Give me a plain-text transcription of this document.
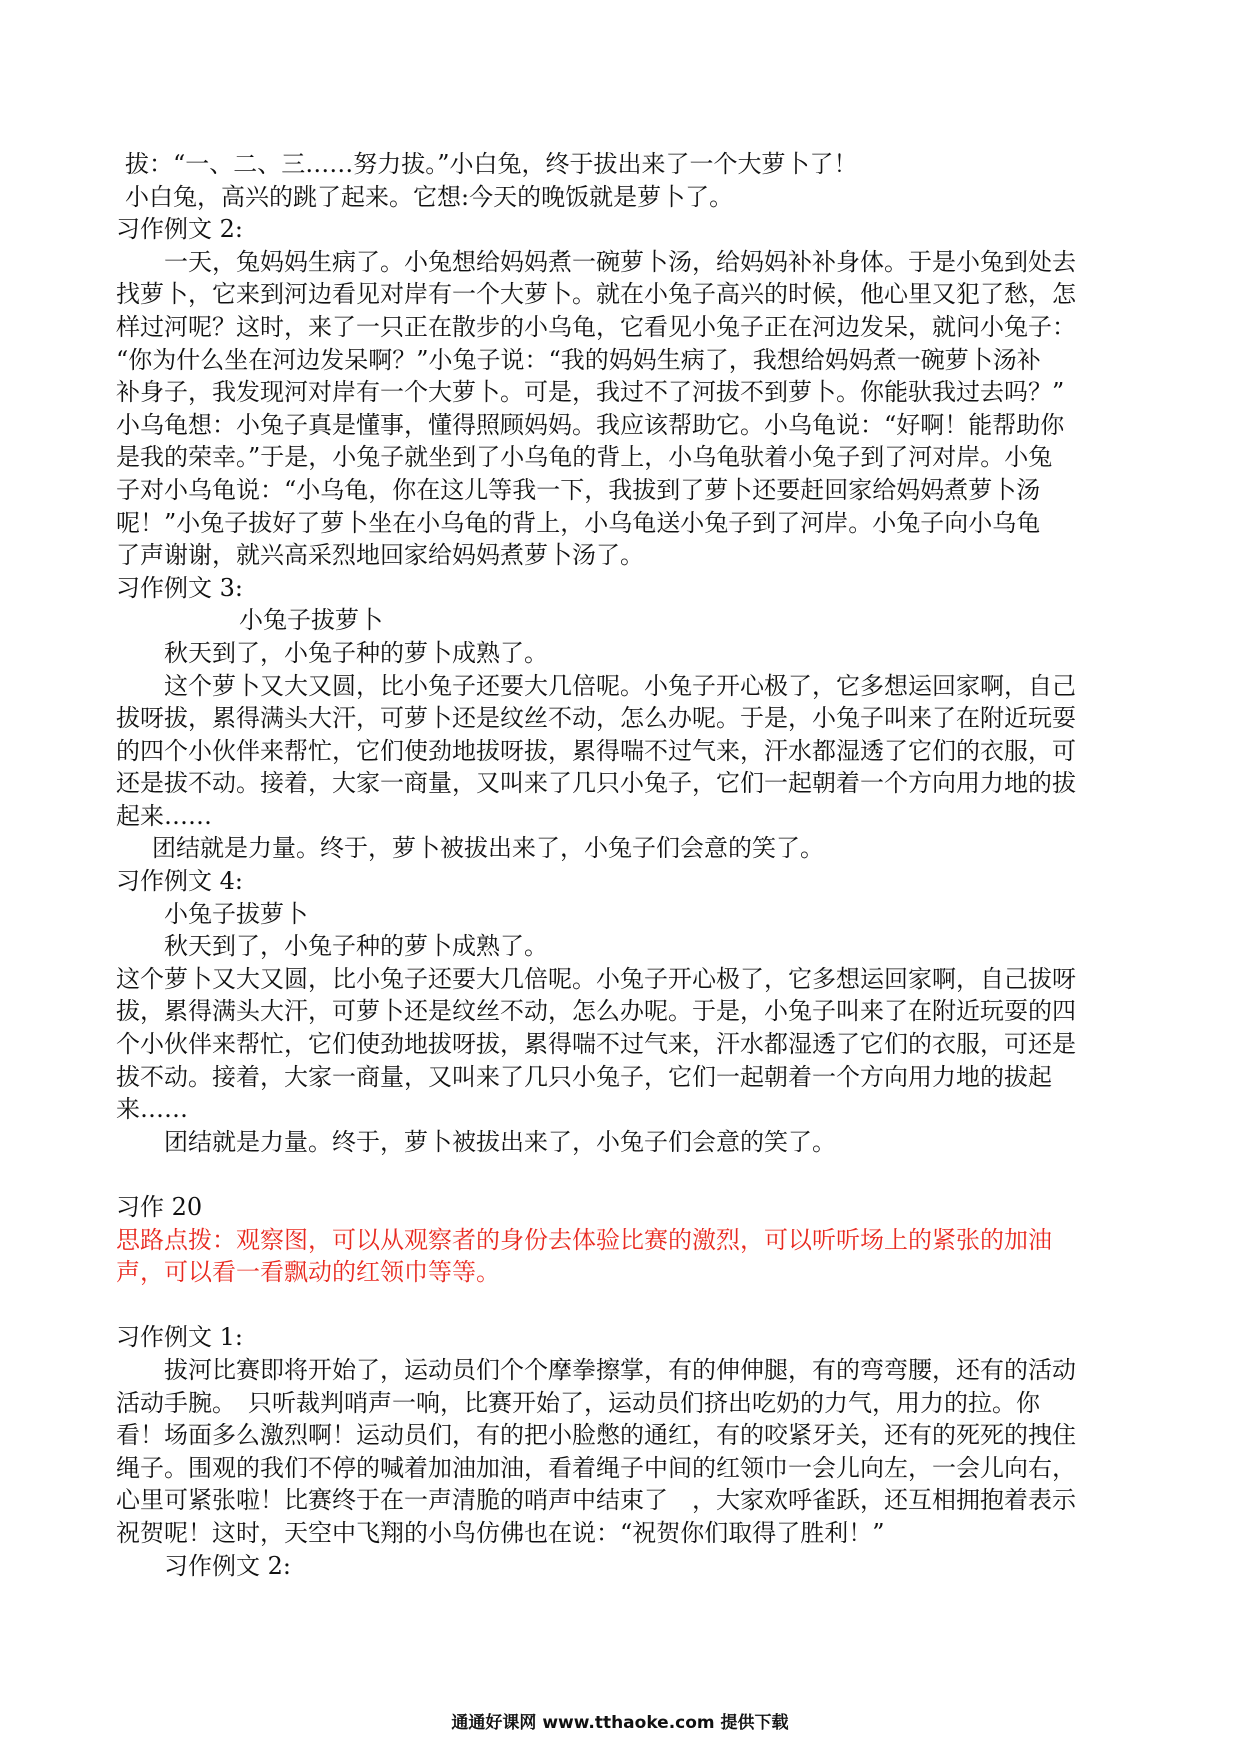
拔：“一、二、三……努力拔。”小白兔，终于拔出来了一个大萝卜了！
小白兔，高兴的跳了起来。它想:今天的晚饭就是萝卜了。
习作例文 2:
一天，兔妈妈生病了。小兔想给妈妈煮一碗萝卜汤，给妈妈补补身体。于是小兔到处去
找萝卜，它来到河边看见对岸有一个大萝卜。就在小兔子高兴的时候，他心里又犯了愁，怎
样过河呢？这时，来了一只正在散步的小乌龟，它看见小兔子正在河边发呆，就问小兔子：
“你为什么坐在河边发呆啊？”小兔子说：“我的妈妈生病了，我想给妈妈煮一碗萝卜汤补
补身子，我发现河对岸有一个大萝卜。可是，我过不了河拔不到萝卜。你能驮我过去吗？”
小乌龟想：小兔子真是懂事，懂得照顾妈妈。我应该帮助它。小乌龟说：“好啊！能帮助你
是我的荣幸。”于是，小兔子就坐到了小乌龟的背上，小乌龟驮着小兔子到了河对岸。小兔
子对小乌龟说：“小乌龟，你在这儿等我一下，我拔到了萝卜还要赶回家给妈妈煮萝卜汤
呢！”小兔子拔好了萝卜坐在小乌龟的背上，小乌龟送小兔子到了河岸。小兔子向小乌龟
了声谢谢，就兴高采烈地回家给妈妈煮萝卜汤了。
习作例文 3:
小兔子拔萝卜
秋天到了，小兔子种的萝卜成熟了。
这个萝卜又大又圆，比小兔子还要大几倍呢。小兔子开心极了，它多想运回家啊，自己
拔呀拔，累得满头大汗，可萝卜还是纹丝不动，怎么办呢。于是，小兔子叫来了在附近玩耍
的四个小伙伴来帮忙，它们使劲地拔呀拔，累得喘不过气来，汗水都湿透了它们的衣服，可
还是拔不动。接着，大家一商量，又叫来了几只小兔子，它们一起朝着一个方向用力地的拔
起来……
团结就是力量。终于，萝卜被拔出来了，小兔子们会意的笑了。
习作例文 4:
小兔子拔萝卜
秋天到了，小兔子种的萝卜成熟了。
这个萝卜又大又圆，比小兔子还要大几倍呢。小兔子开心极了，它多想运回家啊，自己拔呀
拔，累得满头大汗，可萝卜还是纹丝不动，怎么办呢。于是，小兔子叫来了在附近玩耍的四
个小伙伴来帮忙，它们使劲地拔呀拔，累得喘不过气来，汗水都湿透了它们的衣服，可还是
拔不动。接着，大家一商量，又叫来了几只小兔子，它们一起朝着一个方向用力地的拔起
来……
团结就是力量。终于，萝卜被拔出来了，小兔子们会意的笑了。
习作 20
思路点拨：观察图，可以从观察者的身份去体验比赛的激烈，可以听听场上的紧张的加油
声，可以看一看飘动的红领巾等等。
习作例文 1:
拔河比赛即将开始了，运动员们个个摩拳擦掌，有的伸伸腿，有的弯弯腰，还有的活动
活动手腕。　只听裁判哨声一响，比赛开始了，运动员们挤出吃奶的力气，用力的拉。你
看！场面多么激烈啊！运动员们，有的把小脸憋的通红，有的咬紧牙关，还有的死死的拽住
绳子。围观的我们不停的喊着加油加油，看着绳子中间的红领巾一会儿向左，一会儿向右，
心里可紧张啦！比赛终于在一声清脆的哨声中结束了　，大家欢呼雀跃，还互相拥抱着表示
祝贺呢！这时，天空中飞翔的小鸟仿佛也在说：“祝贺你们取得了胜利！”
习作例文 2:
通通好课网 www.tthaoke.com 提供下载
